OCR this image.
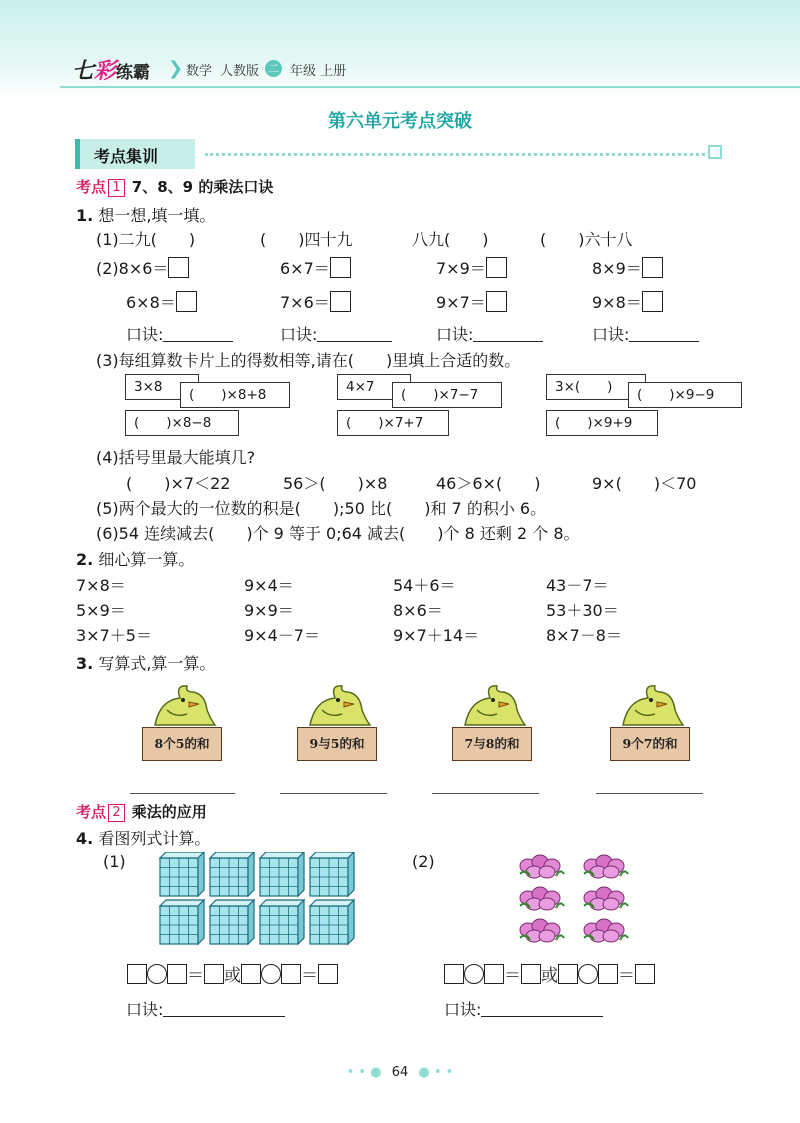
七彩练霸 ❯ 数学 人教版 二 年级 上册
第六单元考点突破
考点集训
考点 1 7、8、9 的乘法口诀
1. 想一想,填一填。
(1)二九(　　)	(　　)四十九	八九(　　)	(　　)六十八
(2)8×6＝	6×7＝	7×9＝	8×9＝
6×8＝	7×6＝	9×7＝	9×8＝
口诀:	口诀:	口诀:	口诀:
(3)每组算数卡片上的得数相等,请在(　　)里填上合适的数。
3×8	(　　)×8+8
(　　)×8−8
4×7	(　　)×7−7
(　　)×7+7
3×(　　)	(　　)×9−9
(　　)×9+9
(4)括号里最大能填几?
(　　)×7＜22	56＞(　　)×8	46＞6×(　　)	9×(　　)＜70
(5)两个最大的一位数的积是(　　);50 比(　　)和 7 的积小 6。
(6)54 连续减去(　　)个 9 等于 0;64 减去(　　)个 8 还剩 2 个 8。
2. 细心算一算。
7×8＝	9×4＝	54＋6＝	43－7＝
5×9＝	9×9＝	8×6＝	53＋30＝
3×7＋5＝	9×4－7＝	9×7＋14＝	8×7－8＝
3. 写算式,算一算。
8个5的和	9与5的和	7与8的和	9个7的和
考点 2 乘法的应用
4. 看图列式计算。
(1)	(2)
＝ 或	＝	＝ 或	＝
口诀:	口诀:
• • ● 64 ● • •
